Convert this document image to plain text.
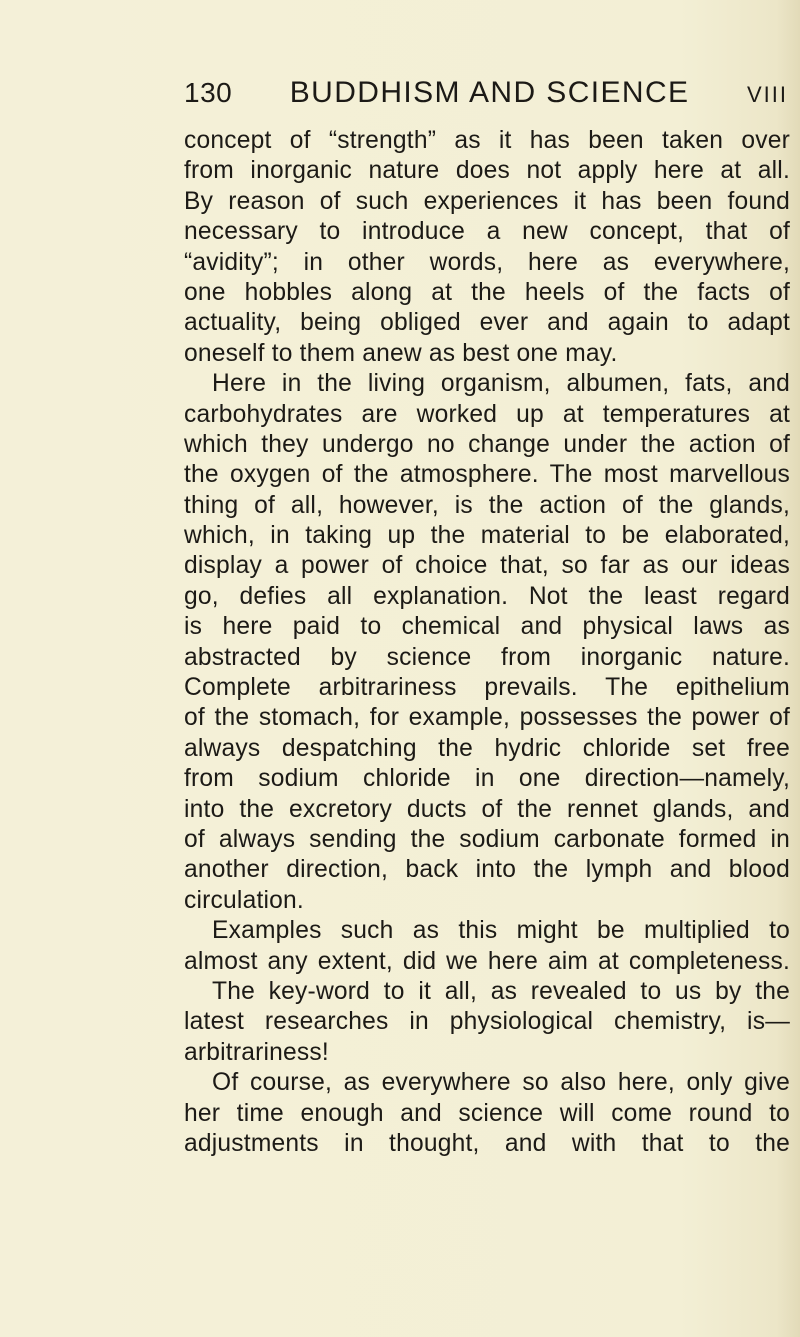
130 BUDDHISM AND SCIENCE	VIII
concept of “strength” as it has been taken over
from inorganic nature does not apply here at all.
By reason of such experiences it has been found
necessary to introduce a new concept, that of
“avidity”; in other words, here as everywhere,
one hobbles along at the heels of the facts of
actuality, being obliged ever and again to adapt
oneself to them anew as best one may.
Here in the living organism, albumen, fats, and
carbohydrates are worked up at temperatures at
which they undergo no change under the action of
the oxygen of the atmosphere. The most marvellous
thing of all, however, is the action of the glands,
which, in taking up the material to be elaborated,
display a power of choice that, so far as our ideas
go, defies all explanation. Not the least regard
is here paid to chemical and physical laws as
abstracted by science from inorganic nature.
Complete arbitrariness prevails. The epithelium
of the stomach, for example, possesses the power of
always despatching the hydric chloride set free
from sodium chloride in one direction—namely,
into the excretory ducts of the rennet glands, and
of always sending the sodium carbonate formed in
another direction, back into the lymph and blood
circulation.
Examples such as this might be multiplied to
almost any extent, did we here aim at completeness.
The key-word to it all, as revealed to us by the
latest researches in physiological chemistry, is—
arbitrariness!
Of course, as everywhere so also here, only give
her time enough and science will come round to
adjustments in thought, and with that to the
